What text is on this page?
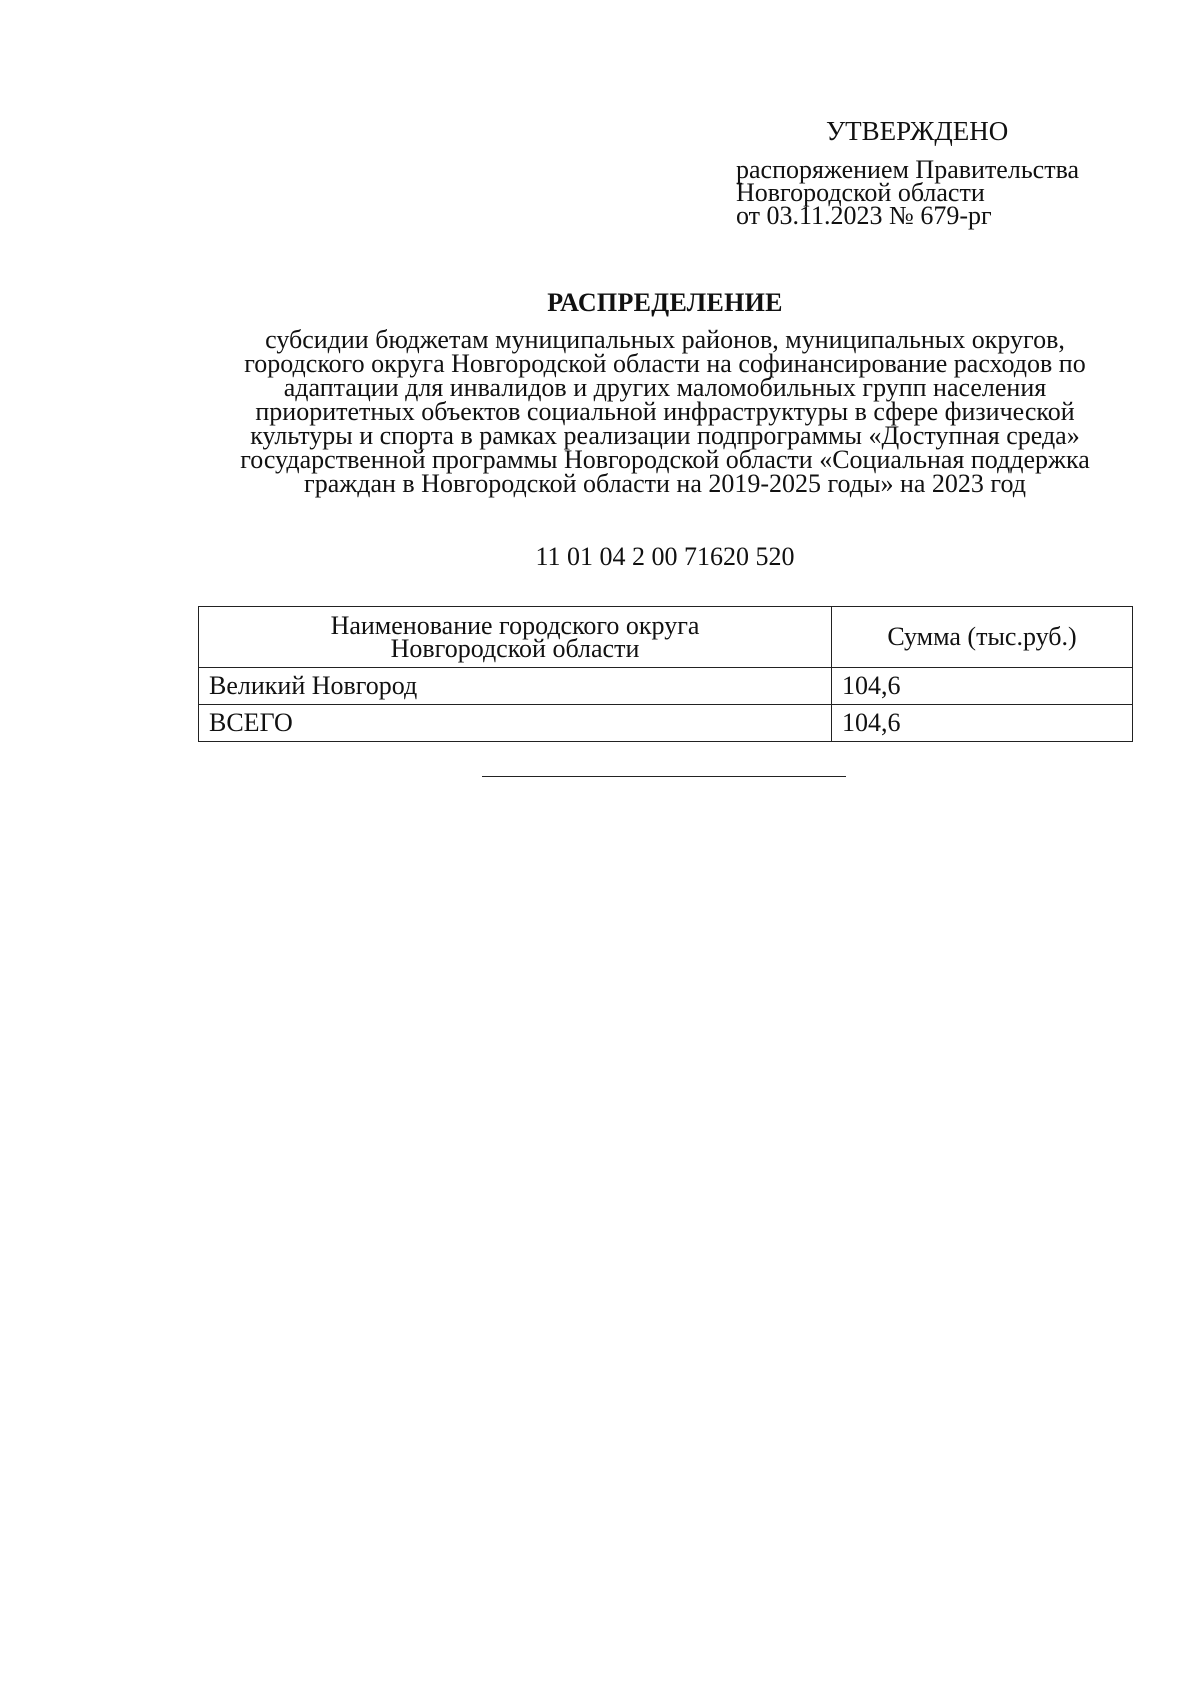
УТВЕРЖДЕНО
распоряжением Правительства
Новгородской области
от 03.11.2023 № 679-рг
РАСПРЕДЕЛЕНИЕ
субсидии бюджетам муниципальных районов, муниципальных округов,
городского округа Новгородской области на софинансирование расходов по
адаптации для инвалидов и других маломобильных групп населения
приоритетных объектов социальной инфраструктуры в сфере физической
культуры и спорта в рамках реализации подпрограммы «Доступная среда»
государственной программы Новгородской области «Социальная поддержка
граждан в Новгородской области на 2019-2025 годы» на 2023 год
11 01 04 2 00 71620 520
Наименование городского округа
Новгородской области	Сумма (тыс.руб.)
Великий Новгород	104,6
ВСЕГО	104,6
